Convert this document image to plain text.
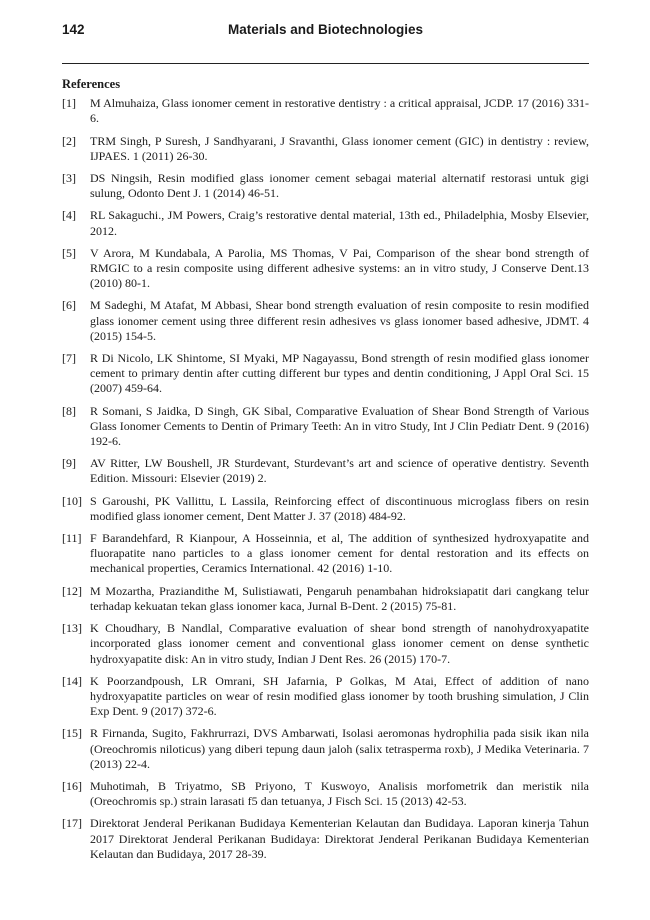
142	Materials and Biotechnologies
References
[1]	M Almuhaiza, Glass ionomer cement in restorative dentistry : a critical appraisal, JCDP. 17 (2016) 331-6.
[2]	TRM Singh, P Suresh, J Sandhyarani, J Sravanthi, Glass ionomer cement (GIC) in dentistry : review, IJPAES. 1 (2011) 26-30.
[3]	DS Ningsih, Resin modified glass ionomer cement sebagai material alternatif restorasi untuk gigi sulung, Odonto Dent J. 1 (2014) 46-51.
[4]	RL Sakaguchi., JM Powers, Craig’s restorative dental material, 13th ed., Philadelphia, Mosby Elsevier, 2012.
[5]	V Arora, M Kundabala, A Parolia, MS Thomas, V Pai, Comparison of the shear bond strength of RMGIC to a resin composite using different adhesive systems: an in vitro study, J Conserve Dent.13 (2010) 80-1.
[6]	M Sadeghi, M Atafat, M Abbasi, Shear bond strength evaluation of resin composite to resin modified glass ionomer cement using three different resin adhesives vs glass ionomer based adhesive, JDMT. 4 (2015) 154-5.
[7]	R Di Nicolo, LK Shintome, SI Myaki, MP Nagayassu, Bond strength of resin modified glass ionomer cement to primary dentin after cutting different bur types and dentin conditioning, J Appl Oral Sci. 15 (2007) 459-64.
[8]	R Somani, S Jaidka, D Singh, GK Sibal, Comparative Evaluation of Shear Bond Strength of Various Glass Ionomer Cements to Dentin of Primary Teeth: An in vitro Study, Int J Clin Pediatr Dent. 9 (2016) 192-6.
[9]	AV Ritter, LW Boushell, JR Sturdevant, Sturdevant’s art and science of operative dentistry. Seventh Edition. Missouri: Elsevier (2019) 2.
[10] S Garoushi, PK Vallittu, L Lassila, Reinforcing effect of discontinuous microglass fibers on resin modified glass ionomer cement, Dent Matter J. 37 (2018) 484-92.
[11] F Barandehfard, R Kianpour, A Hosseinnia, et al, The addition of synthesized hydroxyapatite and fluorapatite nano particles to a glass ionomer cement for dental restoration and its effects on mechanical properties, Ceramics International. 42 (2016) 1-10.
[12] M Mozartha, Praziandithe M, Sulistiawati, Pengaruh penambahan hidroksiapatit dari cangkang telur terhadap kekuatan tekan glass ionomer kaca, Jurnal B-Dent. 2 (2015) 75-81.
[13] K Choudhary, B Nandlal, Comparative evaluation of shear bond strength of nanohydroxyapatite incorporated glass ionomer cement and conventional glass ionomer cement on dense synthetic hydroxyapatite disk: An in vitro study, Indian J Dent Res. 26 (2015) 170-7.
[14] K Poorzandpoush, LR Omrani, SH Jafarnia, P Golkas, M Atai, Effect of addition of nano hydroxyapatite particles on wear of resin modified glass ionomer by tooth brushing simulation, J Clin Exp Dent. 9 (2017) 372-6.
[15] R Firnanda, Sugito, Fakhrurrazi, DVS Ambarwati, Isolasi aeromonas hydrophilia pada sisik ikan nila (Oreochromis niloticus) yang diberi tepung daun jaloh (salix tetrasperma roxb), J Medika Veterinaria. 7 (2013) 22-4.
[16] Muhotimah, B Triyatmo, SB Priyono, T Kuswoyo, Analisis morfometrik dan meristik nila (Oreochromis sp.) strain larasati f5 dan tetuanya, J Fisch Sci. 15 (2013) 42-53.
[17] Direktorat Jenderal Perikanan Budidaya Kementerian Kelautan dan Budidaya. Laporan kinerja Tahun 2017 Direktorat Jenderal Perikanan Budidaya: Direktorat Jenderal Perikanan Budidaya Kementerian Kelautan dan Budidaya, 2017 28-39.
